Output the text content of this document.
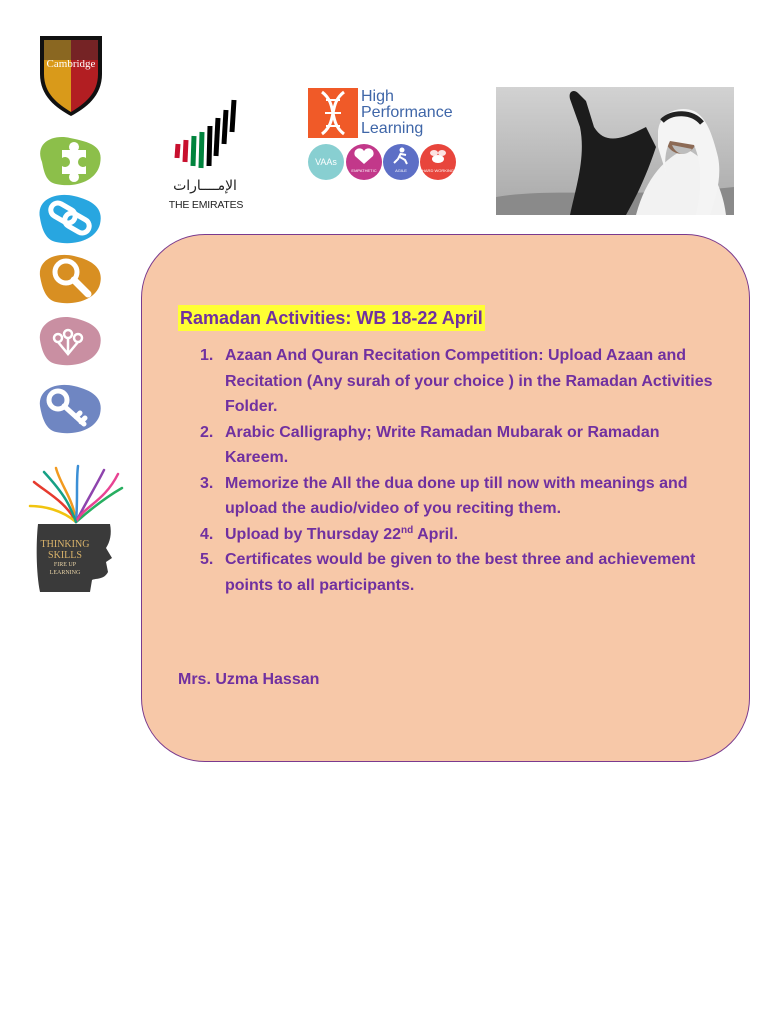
Cambridge
THINKING
SKILLS
FIRE UP
LEARNING
الإمــــارات
THE EMIRATES
High
Performance
Learning
VAAs
EMPATHETIC	AGILE	HARD WORKING
Ramadan Activities: WB 18-22 April
1. Azaan And Quran Recitation Competition: Upload Azaan and Recitation (Any surah of your choice ) in the Ramadan Activities Folder.
2. Arabic Calligraphy; Write Ramadan Mubarak or Ramadan Kareem.
3. Memorize the All the dua done up till now with meanings and upload the audio/video of you reciting them.
4. Upload by Thursday 22nd April.
5. Certificates would be given to the best three and achievement points to all participants.
Mrs. Uzma Hassan
